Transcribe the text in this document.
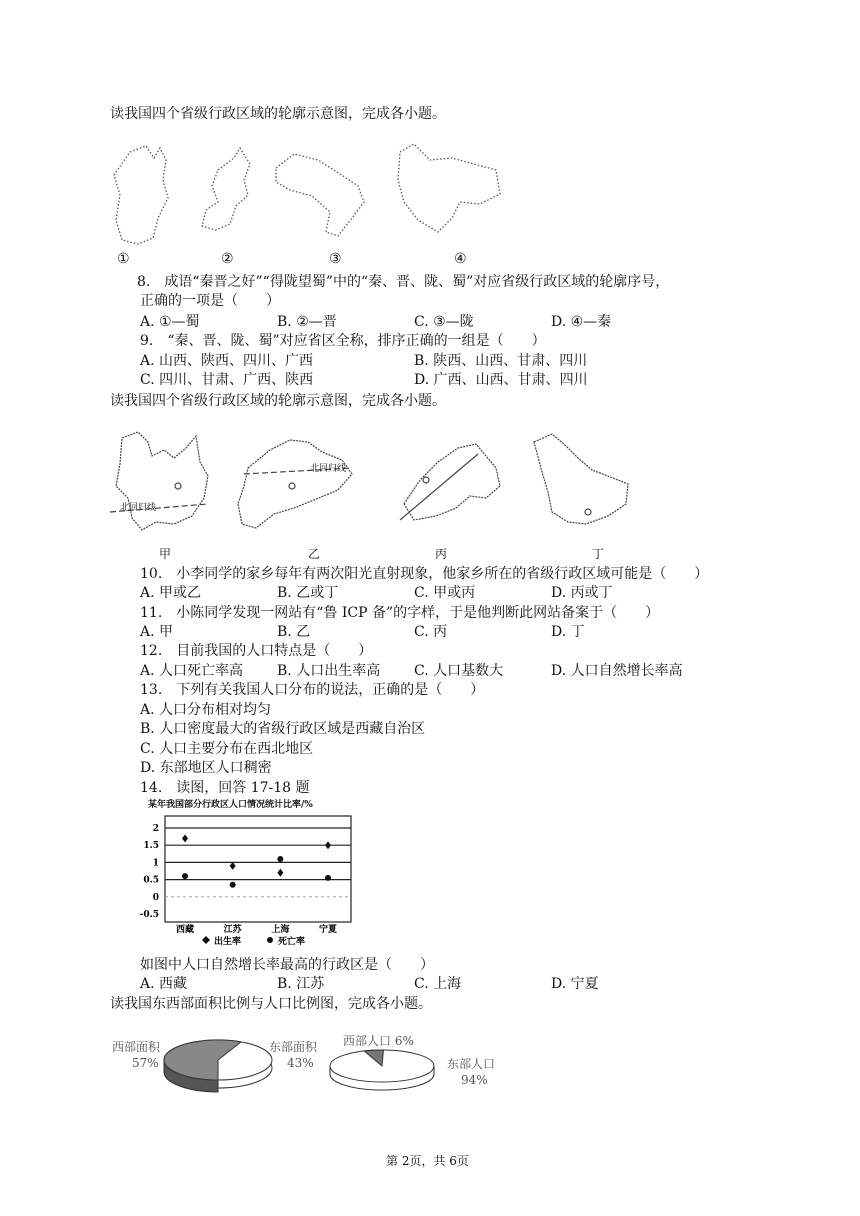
读我国四个省级行政区域的轮廓示意图，完成各小题。
①	②	③	④
8.　成语“秦晋之好”“得陇望蜀”中的“秦、晋、陇、蜀”对应省级行政区域的轮廓序号，
正确的一项是（　　）
A. ①—蜀	B. ②—晋	C. ③—陇	D. ④—秦
9.　“秦、晋、陇、蜀”对应省区全称，排序正确的一组是（　　）
A. 山西、陕西、四川、广西	B. 陕西、山西、甘肃、四川
C. 四川、甘肃、广西、陕西	D. 广西、山西、甘肃、四川
读我国四个省级行政区域的轮廓示意图，完成各小题。
北回归线
北回归线
甲	乙	丙	丁
10.　小李同学的家乡每年有两次阳光直射现象，他家乡所在的省级行政区域可能是（　　）
A. 甲或乙	B. 乙或丁	C. 甲或丙	D. 丙或丁
11.　小陈同学发现一网站有“鲁 ICP 备”的字样，于是他判断此网站备案于（　　）
A. 甲	B. 乙	C. 丙	D. 丁
12.　目前我国的人口特点是（　　）
A. 人口死亡率高 B. 人口出生率高 C. 人口基数大	D. 人口自然增长率高
13.　下列有关我国人口分布的说法，正确的是（　　）
A. 人口分布相对均匀
B. 人口密度最大的省级行政区域是西藏自治区
C. 人口主要分布在西北地区
D. 东部地区人口稠密
14.　读图，回答 17-18 题
某年我国部分行政区人口情况统计比率/%
2
1.5
1
0.5
0
-0.5
西藏	江苏	上海	宁夏
出生率	死亡率
如图中人口自然增长率最高的行政区是（　　）
A. 西藏	B. 江苏	C. 上海	D. 宁夏
读我国东西部面积比例与人口比例图，完成各小题。
西部面积
57%
东部面积
43%
西部人口 6%
东部人口
94%
第 2页，共 6页
